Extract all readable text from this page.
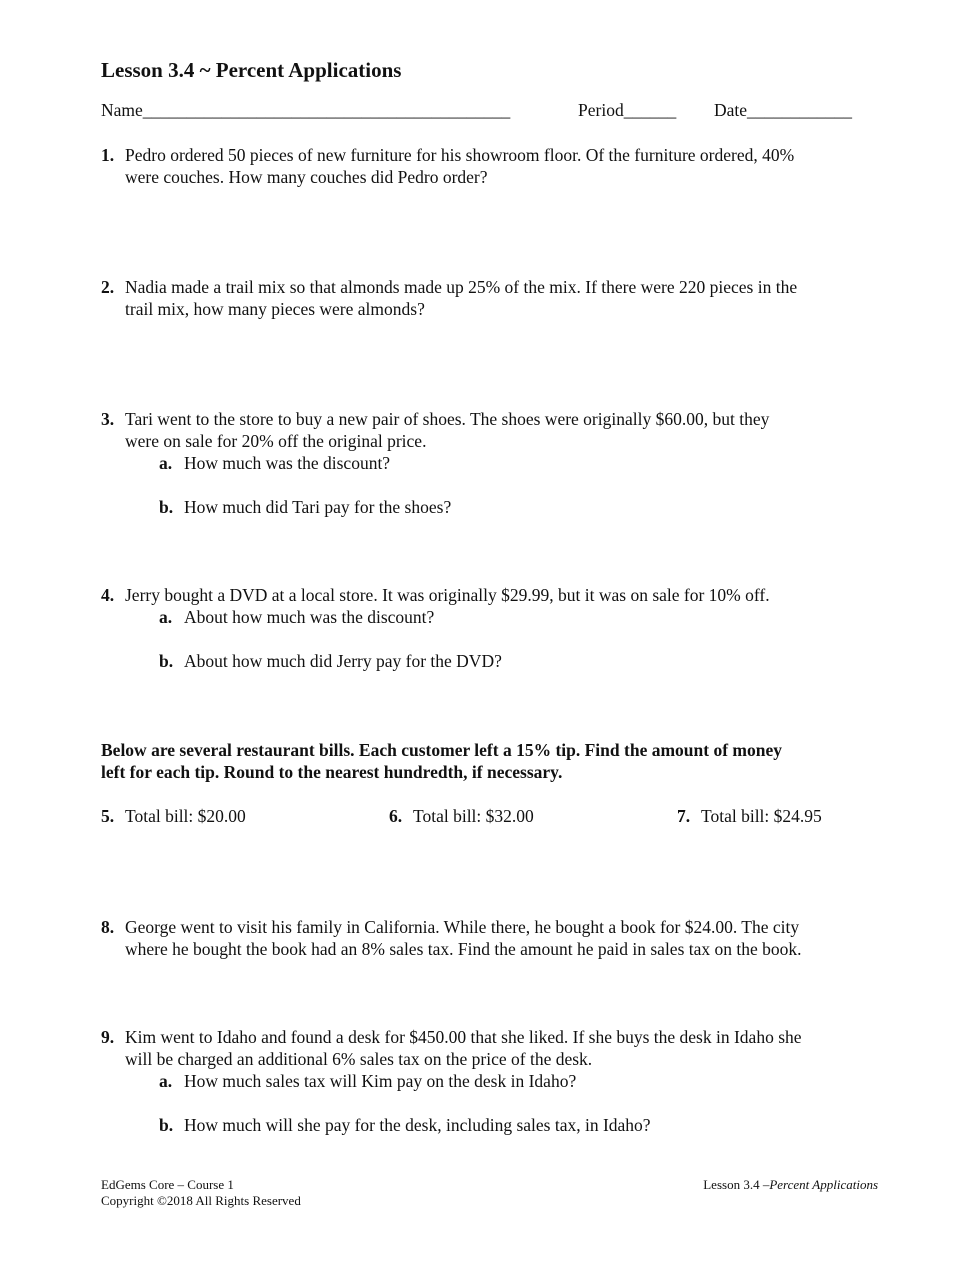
Lesson 3.4 ~ Percent Applications
Name__________________________________________	Period______ Date____________
1. Pedro ordered 50 pieces of new furniture for his showroom floor. Of the furniture ordered, 40%
were couches. How many couches did Pedro order?
2. Nadia made a trail mix so that almonds made up 25% of the mix. If there were 220 pieces in the
trail mix, how many pieces were almonds?
3. Tari went to the store to buy a new pair of shoes. The shoes were originally $60.00, but they
were on sale for 20% off the original price.
a. How much was the discount?
b. How much did Tari pay for the shoes?
4. Jerry bought a DVD at a local store. It was originally $29.99, but it was on sale for 10% off.
a. About how much was the discount?
b. About how much did Jerry pay for the DVD?
Below are several restaurant bills. Each customer left a 15% tip. Find the amount of money
left for each tip. Round to the nearest hundredth, if necessary.
5. Total bill: $20.00	6. Total bill: $32.00	7. Total bill: $24.95
8. George went to visit his family in California. While there, he bought a book for $24.00. The city
where he bought the book had an 8% sales tax. Find the amount he paid in sales tax on the book.
9. Kim went to Idaho and found a desk for $450.00 that she liked. If she buys the desk in Idaho she
will be charged an additional 6% sales tax on the price of the desk.
a. How much sales tax will Kim pay on the desk in Idaho?
b. How much will she pay for the desk, including sales tax, in Idaho?
EdGems Core – Course 1
Copyright ©2018 All Rights Reserved
Lesson 3.4 –Percent Applications
